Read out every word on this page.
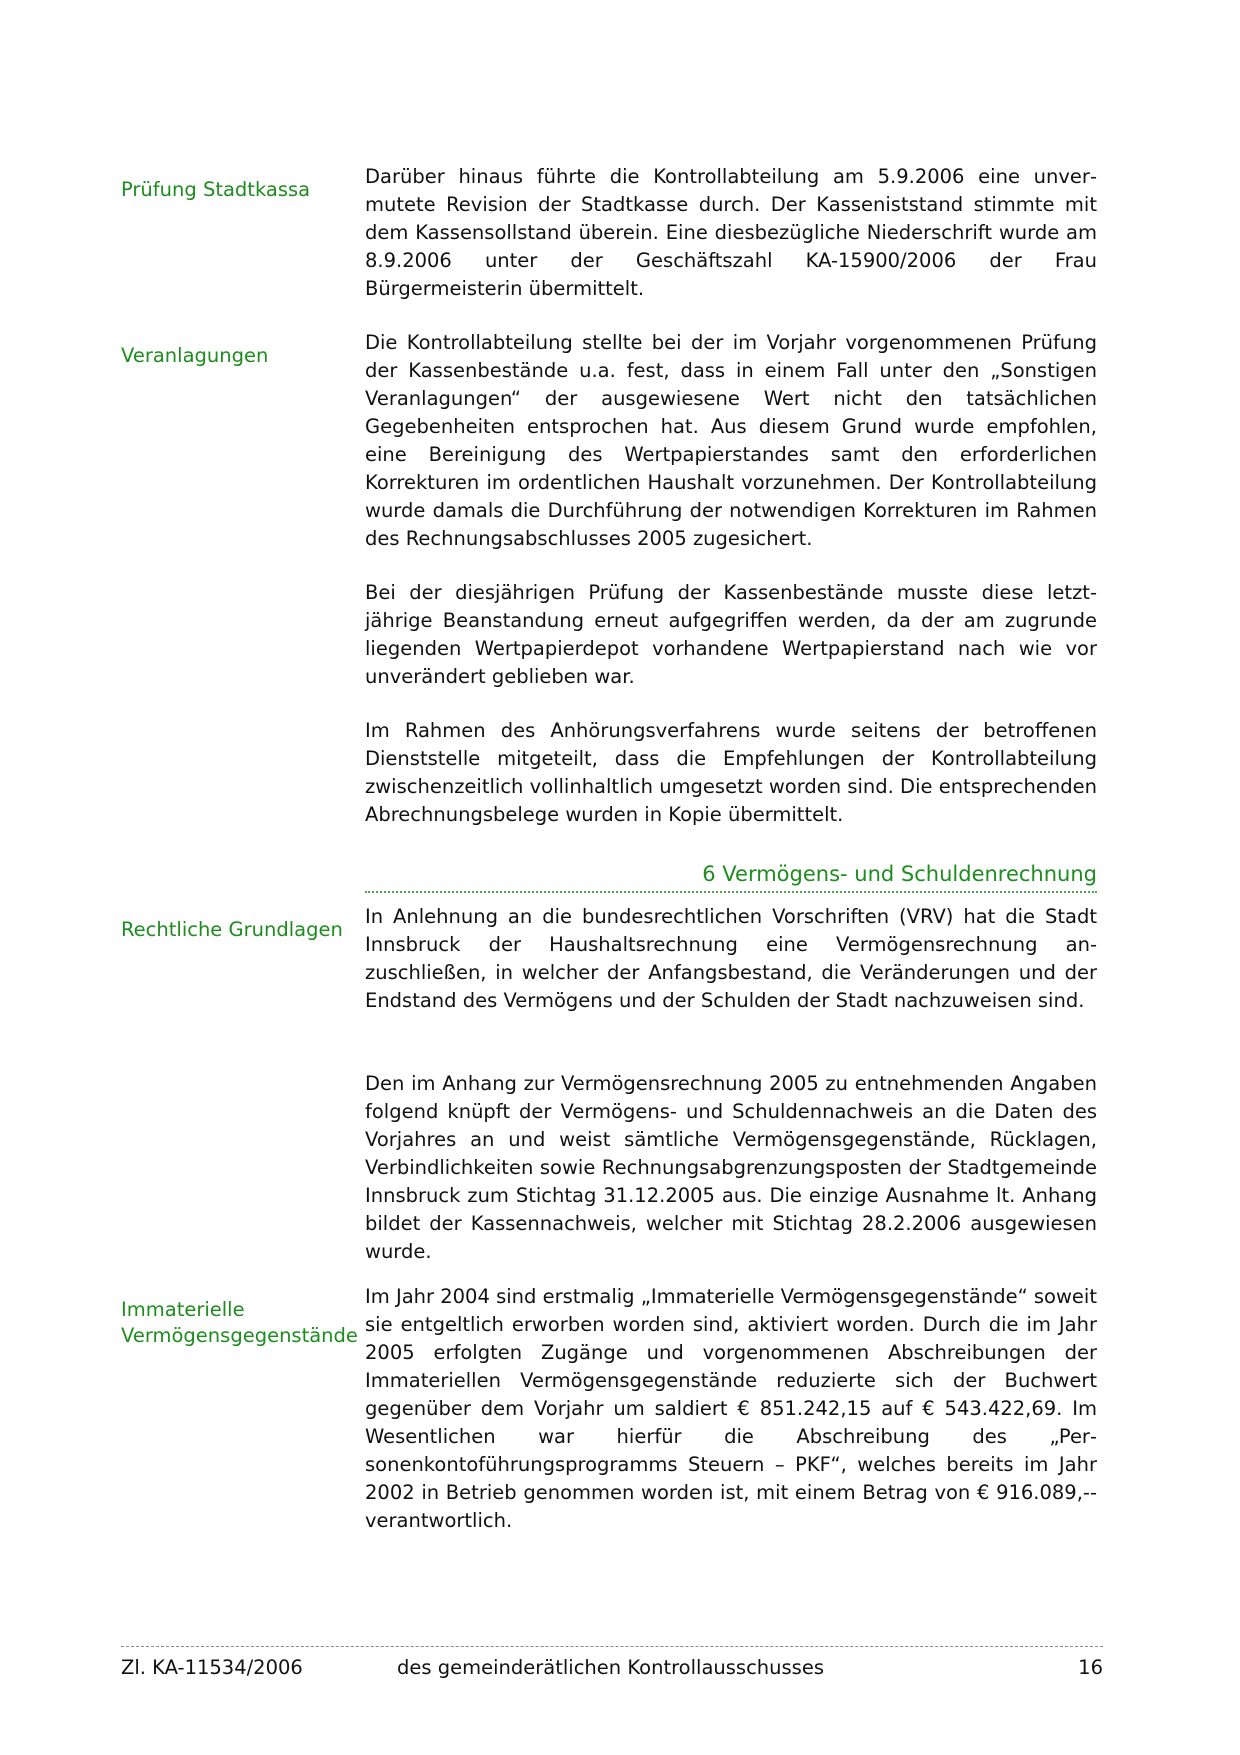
Prüfung Stadtkassa

Darüber hinaus führte die Kontrollabteilung am 5.9.2006 eine unvermutete Revision der Stadtkasse durch. Der Kasseniststand stimmte mit dem Kassensollstand überein. Eine diesbezügliche Niederschrift wurde am 8.9.2006 unter der Geschäftszahl KA-15900/2006 der Frau Bürgermeisterin übermittelt.

Veranlagungen

Die Kontrollabteilung stellte bei der im Vorjahr vorgenommenen Prüfung der Kassenbestände u.a. fest, dass in einem Fall unter den „Sonstigen Veranlagungen“ der ausgewiesene Wert nicht den tatsächlichen Gegebenheiten entsprochen hat. Aus diesem Grund wurde empfohlen, eine Bereinigung des Wertpapierstandes samt den erforderlichen Korrekturen im ordentlichen Haushalt vorzunehmen. Der Kontrollabteilung wurde damals die Durchführung der notwendigen Korrekturen im Rahmen des Rechnungsabschlusses 2005 zugesichert.

Bei der diesjährigen Prüfung der Kassenbestände musste diese letztjährige Beanstandung erneut aufgegriffen werden, da der am zugrunde liegenden Wertpapierdepot vorhandene Wertpapierstand nach wie vor unverändert geblieben war.

Im Rahmen des Anhörungsverfahrens wurde seitens der betroffenen Dienststelle mitgeteilt, dass die Empfehlungen der Kontrollabteilung zwischenzeitlich vollinhaltlich umgesetzt worden sind. Die entsprechenden Abrechnungsbelege wurden in Kopie übermittelt.

6 Vermögens- und Schuldenrechnung
Rechtliche Grundlagen

In Anlehnung an die bundesrechtlichen Vorschriften (VRV) hat die Stadt Innsbruck der Haushaltsrechnung eine Vermögensrechnung anzuschließen, in welcher der Anfangsbestand, die Veränderungen und der Endstand des Vermögens und der Schulden der Stadt nachzuweisen sind.

Den im Anhang zur Vermögensrechnung 2005 zu entnehmenden Angaben folgend knüpft der Vermögens- und Schuldennachweis an die Daten des Vorjahres an und weist sämtliche Vermögensgegenstände, Rücklagen, Verbindlichkeiten sowie Rechnungsabgrenzungsposten der Stadtgemeinde Innsbruck zum Stichtag 31.12.2005 aus. Die einzige Ausnahme lt. Anhang bildet der Kassennachweis, welcher mit Stichtag 28.2.2006 ausgewiesen wurde.

Immaterielle
Vermögensgegenstände

Im Jahr 2004 sind erstmalig „Immaterielle Vermögensgegenstände“ soweit sie entgeltlich erworben worden sind, aktiviert worden. Durch die im Jahr 2005 erfolgten Zugänge und vorgenommenen Abschreibungen der Immateriellen Vermögensgegenstände reduzierte sich der Buchwert gegenüber dem Vorjahr um saldiert € 851.242,15 auf € 543.422,69. Im Wesentlichen war hierfür die Abschreibung des „Personenkontoführungsprogramms Steuern – PKF“, welches bereits im Jahr 2002 in Betrieb genommen worden ist, mit einem Betrag von € 916.089,-- verantwortlich.

Zl. KA-11534/2006	des gemeinderätlichen Kontrollausschusses	16
